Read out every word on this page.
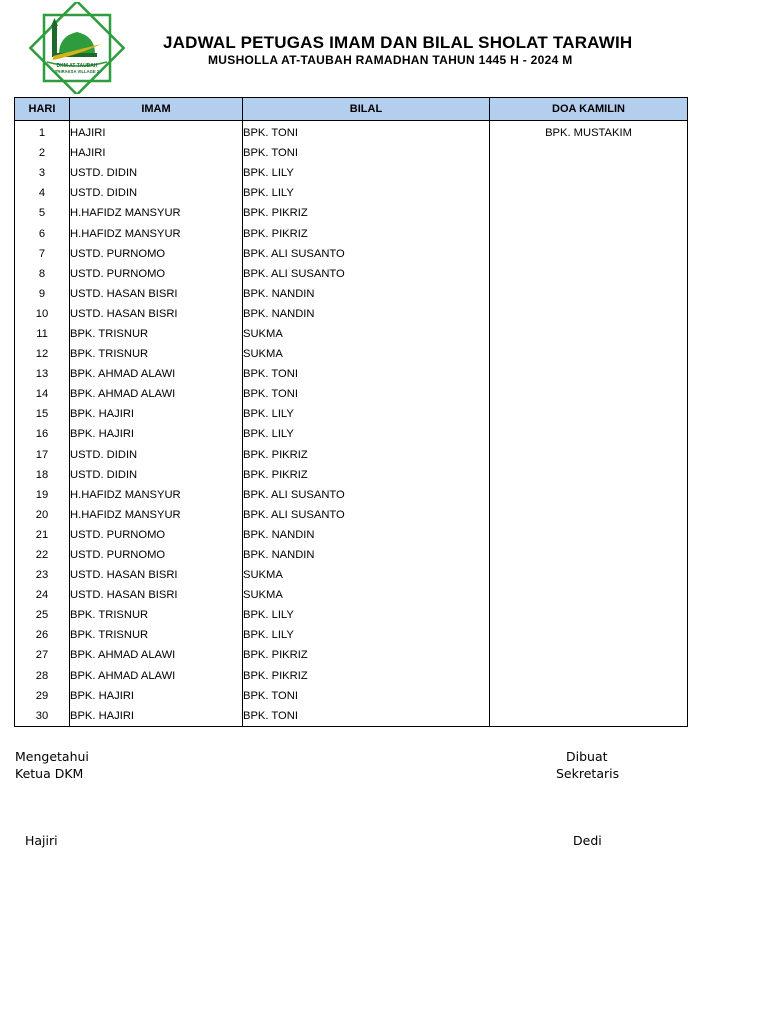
DKM AT-TAUBAH
TRIRAKSA VILLAGE 2
JADWAL PETUGAS IMAM DAN BILAL SHOLAT TARAWIH
MUSHOLLA AT-TAUBAH RAMADHAN TAHUN 1445 H - 2024 M
HARI	IMAM	BILAL	DOA KAMILIN
1	HAJIRI	BPK. TONI	BPK. MUSTAKIM
2	HAJIRI	BPK. TONI	
3	USTD. DIDIN	BPK. LILY	
4	USTD. DIDIN	BPK. LILY	
5	H.HAFIDZ MANSYUR	BPK. PIKRIZ	
6	H.HAFIDZ MANSYUR	BPK. PIKRIZ	
7	USTD. PURNOMO	BPK. ALI SUSANTO	
8	USTD. PURNOMO	BPK. ALI SUSANTO	
9	USTD. HASAN BISRI	BPK. NANDIN	
10	USTD. HASAN BISRI	BPK. NANDIN	
11	BPK. TRISNUR	SUKMA	
12	BPK. TRISNUR	SUKMA	
13	BPK. AHMAD ALAWI	BPK. TONI	
14	BPK. AHMAD ALAWI	BPK. TONI	
15	BPK. HAJIRI	BPK. LILY	
16	BPK. HAJIRI	BPK. LILY	
17	USTD. DIDIN	BPK. PIKRIZ	
18	USTD. DIDIN	BPK. PIKRIZ	
19	H.HAFIDZ MANSYUR	BPK. ALI SUSANTO	
20	H.HAFIDZ MANSYUR	BPK. ALI SUSANTO	
21	USTD. PURNOMO	BPK. NANDIN	
22	USTD. PURNOMO	BPK. NANDIN	
23	USTD. HASAN BISRI	SUKMA	
24	USTD. HASAN BISRI	SUKMA	
25	BPK. TRISNUR	BPK. LILY	
26	BPK. TRISNUR	BPK. LILY	
27	BPK. AHMAD ALAWI	BPK. PIKRIZ	
28	BPK. AHMAD ALAWI	BPK. PIKRIZ	
29	BPK. HAJIRI	BPK. TONI	
30	BPK. HAJIRI	BPK. TONI	
Mengetahui
Ketua DKM
Hajiri
Dibuat
Sekretaris
Dedi
